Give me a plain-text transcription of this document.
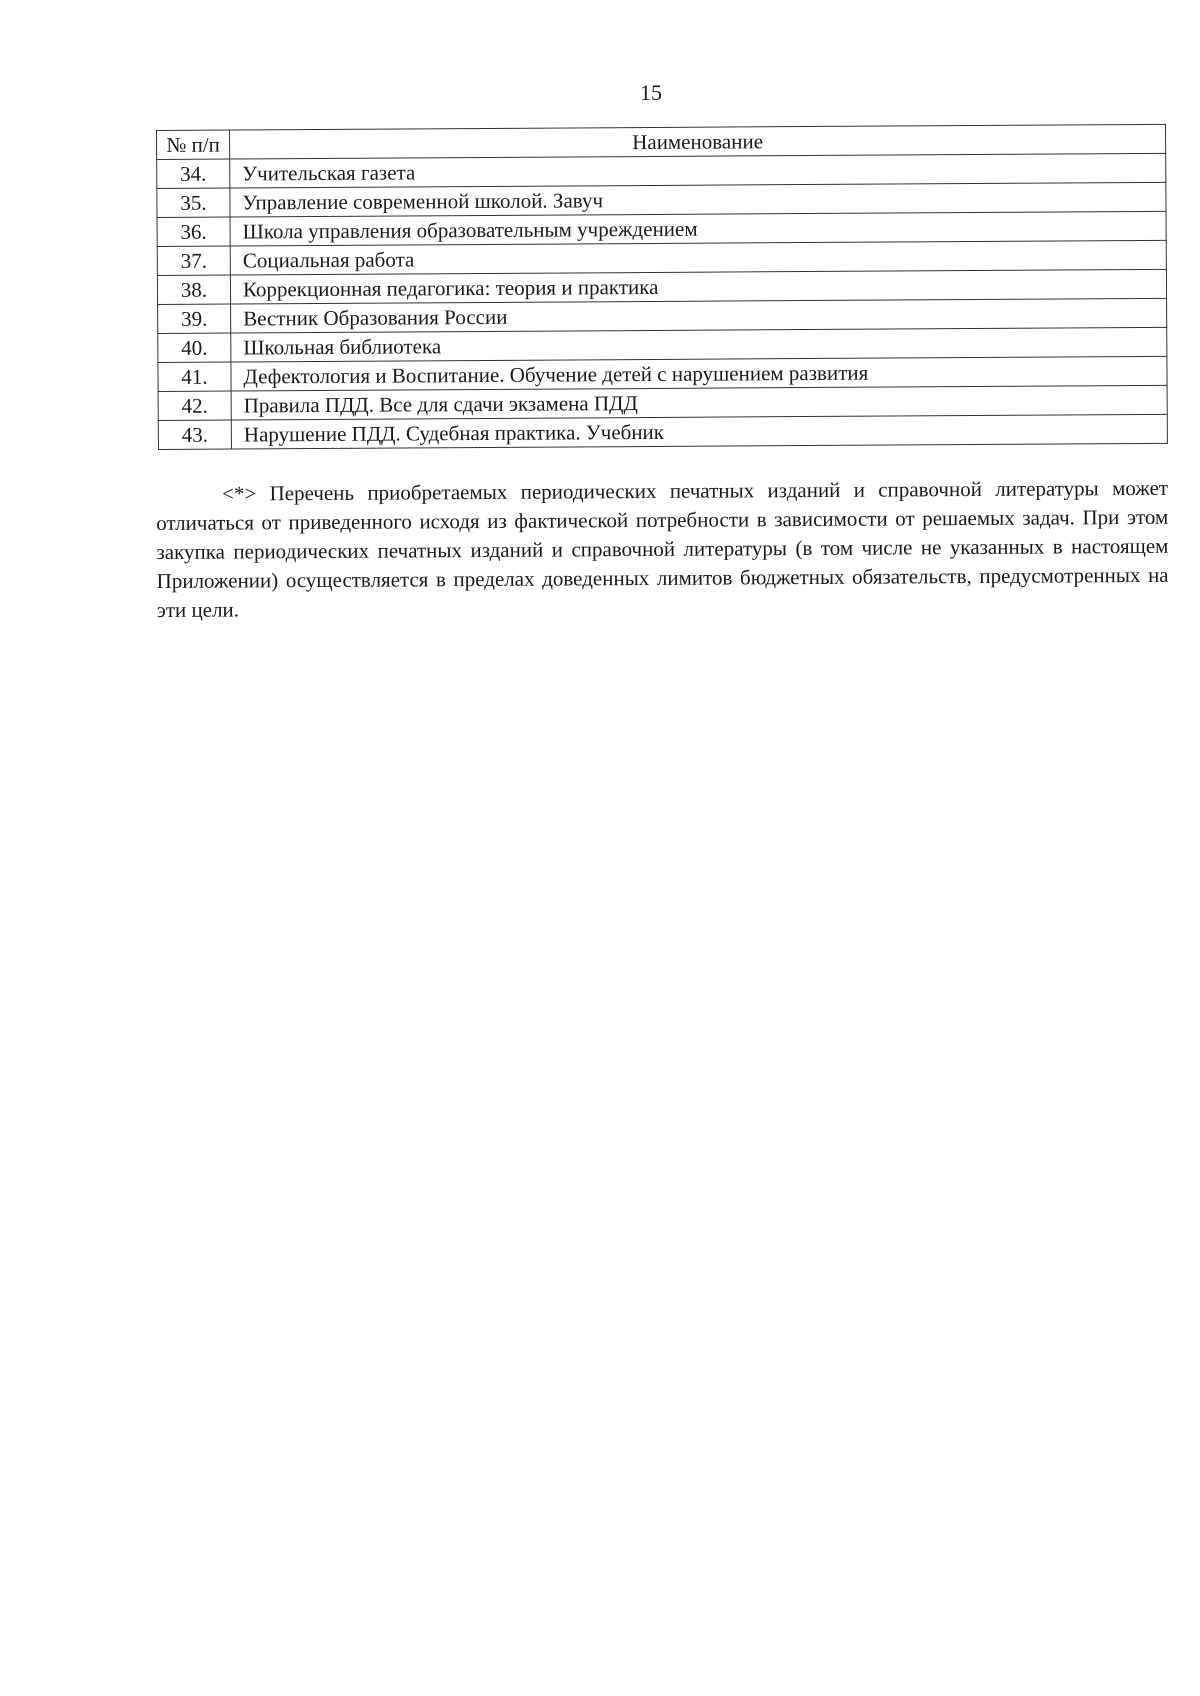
15
№ п/п	Наименование
34.	Учительская газета
35.	Управление современной школой. Завуч
36.	Школа управления образовательным учреждением
37.	Социальная работа
38.	Коррекционная педагогика: теория и практика
39.	Вестник Образования России
40.	Школьная библиотека
41.	Дефектология и Воспитание. Обучение детей с нарушением развития
42.	Правила ПДД. Все для сдачи экзамена ПДД
43.	Нарушение ПДД. Судебная практика. Учебник

<*> Перечень приобретаемых периодических печатных изданий и справочной литературы может отличаться от приведенного исходя из фактической потребности в зависимости от решаемых задач. При этом закупка периодических печатных изданий и справочной литературы (в том числе не указанных в настоящем Приложении) осуществляется в пределах доведенных лимитов бюджетных обязательств, предусмотренных на эти цели.
